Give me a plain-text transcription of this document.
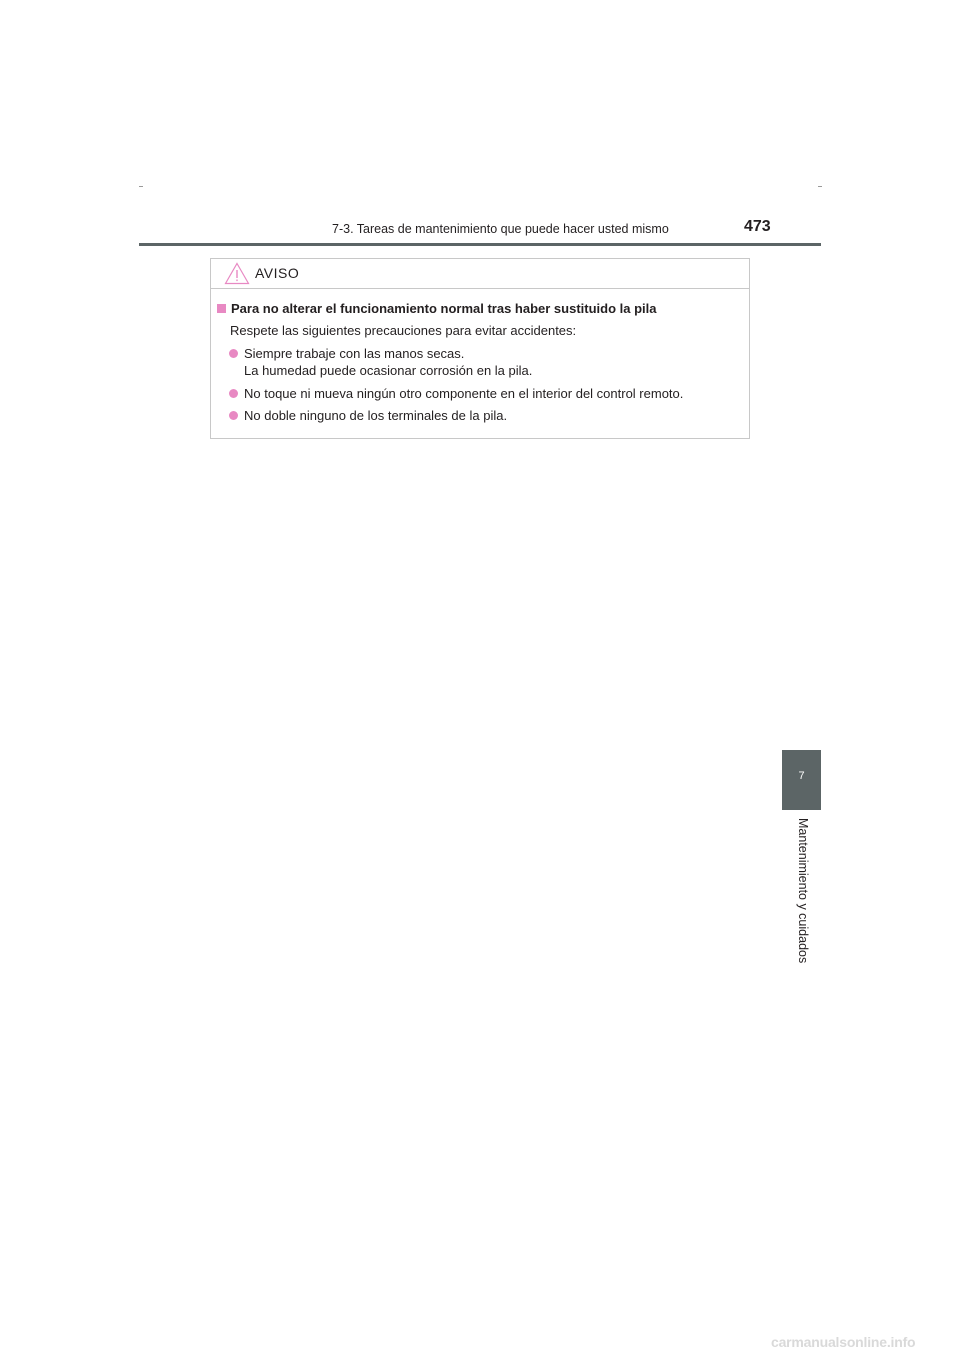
7-3. Tareas de mantenimiento que puede hacer usted mismo	473
AVISO
Para no alterar el funcionamiento normal tras haber sustituido la pila
Respete las siguientes precauciones para evitar accidentes:
Siempre trabaje con las manos secas.
La humedad puede ocasionar corrosión en la pila.
No toque ni mueva ningún otro componente en el interior del control remoto.
No doble ninguno de los terminales de la pila.
7
Mantenimiento y cuidados
carmanualsonline.info
